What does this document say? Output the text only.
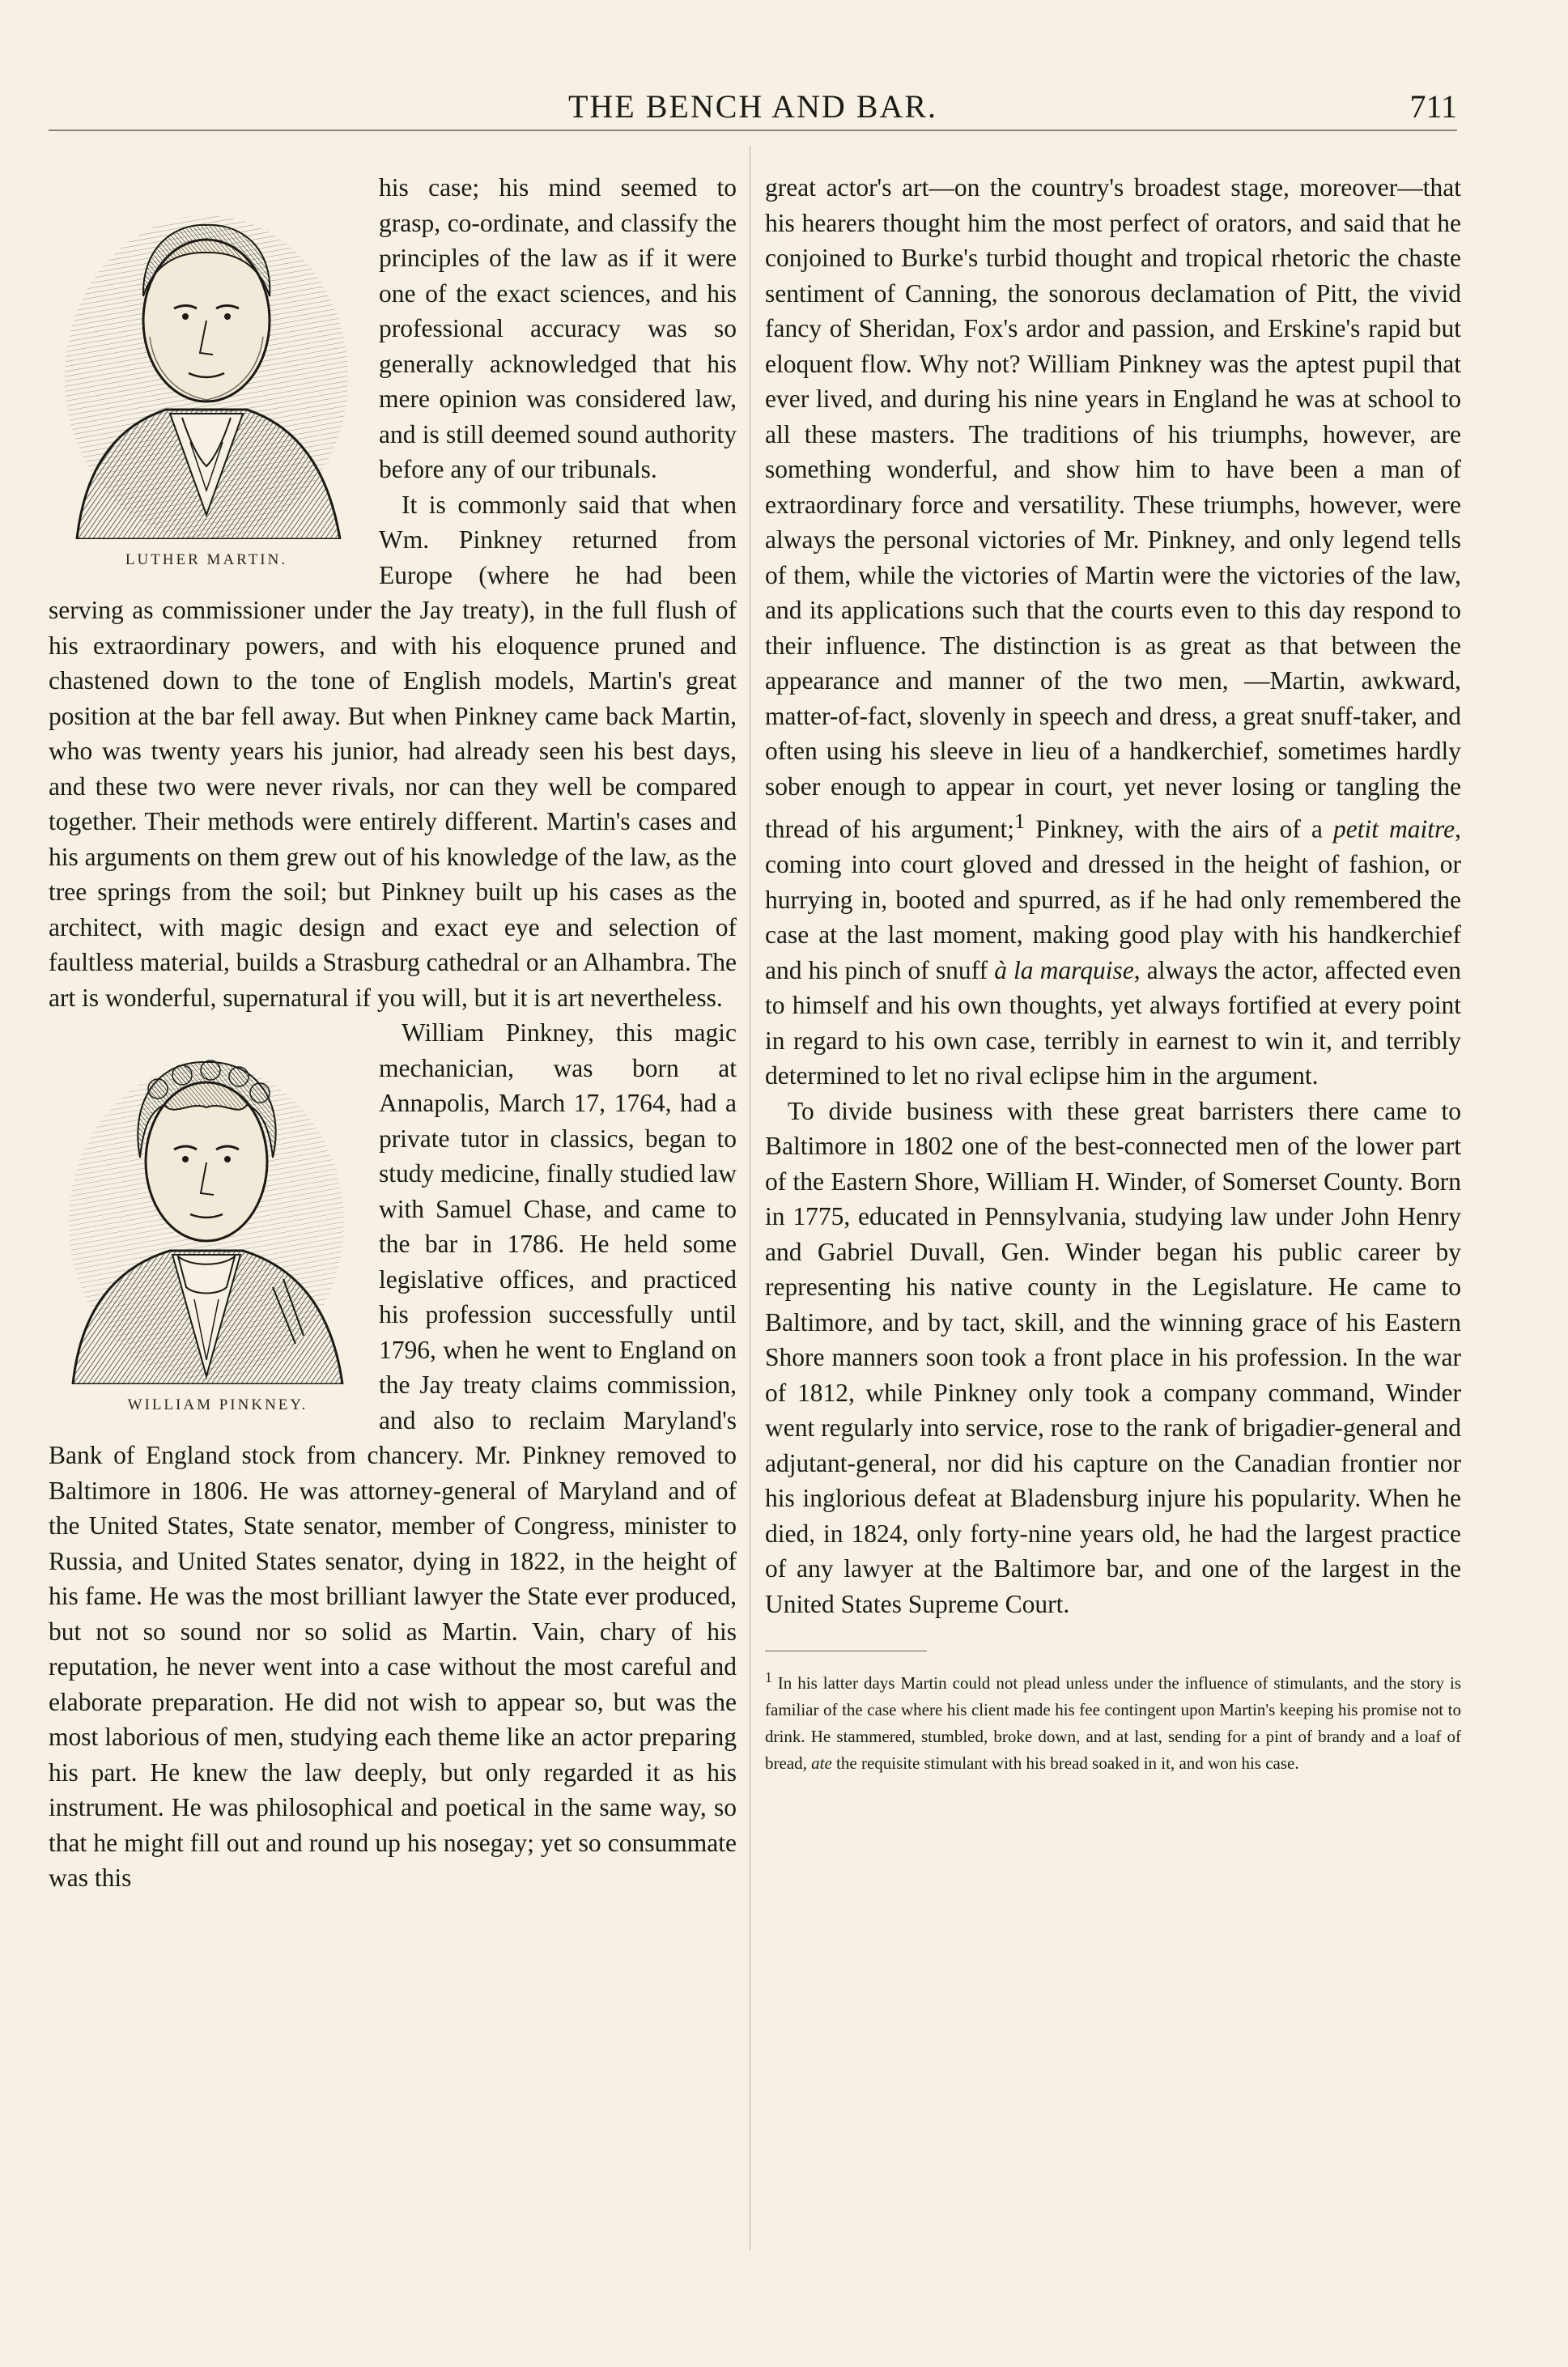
THE BENCH AND BAR.	711

LUTHER MARTIN.
his case; his mind seemed to grasp, co-ordinate, and classify the principles of the law as if it were one of the exact sciences, and his professional accuracy was so generally acknowledged that his mere opinion was considered law, and is still deemed sound authority before any of our tribunals.

It is commonly said that when Wm. Pinkney returned from Europe (where he had been serving as commissioner under the Jay treaty), in the full flush of his extraordinary powers, and with his eloquence pruned and chastened down to the tone of English models, Martin's great position at the bar fell away. But when Pinkney came back Martin, who was twenty years his junior, had already seen his best days, and these two were never rivals, nor can they well be compared together. Their methods were entirely different. Martin's cases and his arguments on them grew out of his knowledge of the law, as the tree springs from the soil; but Pinkney built up his cases as the architect, with magic design and exact eye and selection of faultless material, builds a Strasburg cathedral or an Alhambra. The art is wonderful, supernatural if you will, but it is art nevertheless.

WILLIAM PINKNEY.
William Pinkney, this magic mechanician, was born at Annapolis, March 17, 1764, had a private tutor in classics, began to study medicine, finally studied law with Samuel Chase, and came to the bar in 1786. He held some legislative offices, and practiced his profession successfully until 1796, when he went to England on the Jay treaty claims commission, and also to reclaim Maryland's Bank of England stock from chancery. Mr. Pinkney removed to Baltimore in 1806. He was attorney-general of Maryland and of the United States, State senator, member of Congress, minister to Russia, and United States senator, dying in 1822, in the height of his fame. He was the most brilliant lawyer the State ever produced, but not so sound nor so solid as Martin. Vain, chary of his reputation, he never went into a case without the most careful and elaborate preparation. He did not wish to appear so, but was the most laborious of men, studying each theme like an actor preparing his part. He knew the law deeply, but only regarded it as his instrument. He was philosophical and poetical in the same way, so that he might fill out and round up his nosegay; yet so consummate was this

great actor's art—on the country's broadest stage, moreover—that his hearers thought him the most perfect of orators, and said that he conjoined to Burke's turbid thought and tropical rhetoric the chaste sentiment of Canning, the sonorous declamation of Pitt, the vivid fancy of Sheridan, Fox's ardor and passion, and Erskine's rapid but eloquent flow. Why not? William Pinkney was the aptest pupil that ever lived, and during his nine years in England he was at school to all these masters. The traditions of his triumphs, however, are something wonderful, and show him to have been a man of extraordinary force and versatility. These triumphs, however, were always the personal victories of Mr. Pinkney, and only legend tells of them, while the victories of Martin were the victories of the law, and its applications such that the courts even to this day respond to their influence. The distinction is as great as that between the appearance and manner of the two men, —Martin, awkward, matter-of-fact, slovenly in speech and dress, a great snuff-taker, and often using his sleeve in lieu of a handkerchief, sometimes hardly sober enough to appear in court, yet never losing or tangling the thread of his argument;$^1$ Pinkney, with the airs of a petit maitre, coming into court gloved and dressed in the height of fashion, or hurrying in, booted and spurred, as if he had only remembered the case at the last moment, making good play with his handkerchief and his pinch of snuff à la marquise, always the actor, affected even to himself and his own thoughts, yet always fortified at every point in regard to his own case, terribly in earnest to win it, and terribly determined to let no rival eclipse him in the argument.

To divide business with these great barristers there came to Baltimore in 1802 one of the best-connected men of the lower part of the Eastern Shore, William H. Winder, of Somerset County. Born in 1775, educated in Pennsylvania, studying law under John Henry and Gabriel Duvall, Gen. Winder began his public career by representing his native county in the Legislature. He came to Baltimore, and by tact, skill, and the winning grace of his Eastern Shore manners soon took a front place in his profession. In the war of 1812, while Pinkney only took a company command, Winder went regularly into service, rose to the rank of brigadier-general and adjutant-general, nor did his capture on the Canadian frontier nor his inglorious defeat at Bladensburg injure his popularity. When he died, in 1824, only forty-nine years old, he had the largest practice of any lawyer at the Baltimore bar, and one of the largest in the United States Supreme Court.

$^1$ In his latter days Martin could not plead unless under the influence of stimulants, and the story is familiar of the case where his client made his fee contingent upon Martin's keeping his promise not to drink. He stammered, stumbled, broke down, and at last, sending for a pint of brandy and a loaf of bread, ate the requisite stimulant with his bread soaked in it, and won his case.
